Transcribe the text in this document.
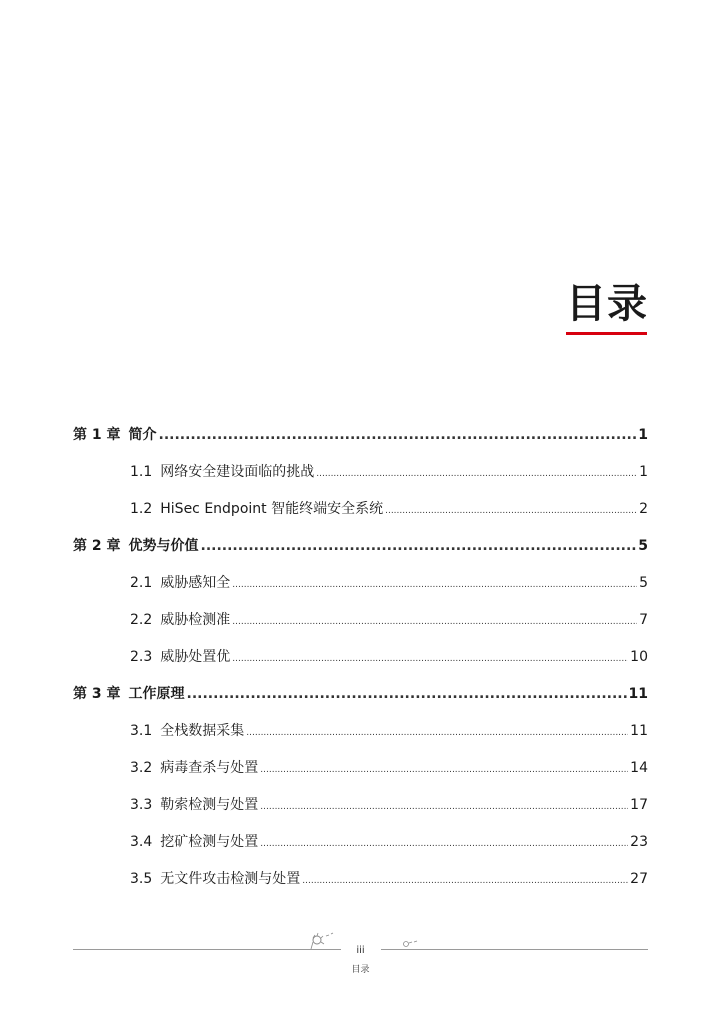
目录
第 1 章 简介 .....	1
1.1 网络安全建设面临的挑战 .....	1
1.2 HiSec Endpoint 智能终端安全系统 .....	2
第 2 章 优势与价值 .....	5
2.1 威胁感知全 .....	5
2.2 威胁检测准 .....	7
2.3 威胁处置优 .....	10
第 3 章 工作原理 .....	11
3.1 全栈数据采集 .....	11
3.2 病毒查杀与处置 .....	14
3.3 勒索检测与处置 .....	17
3.4 挖矿检测与处置 .....	23
3.5 无文件攻击检测与处置 .....	27
iii
目录
